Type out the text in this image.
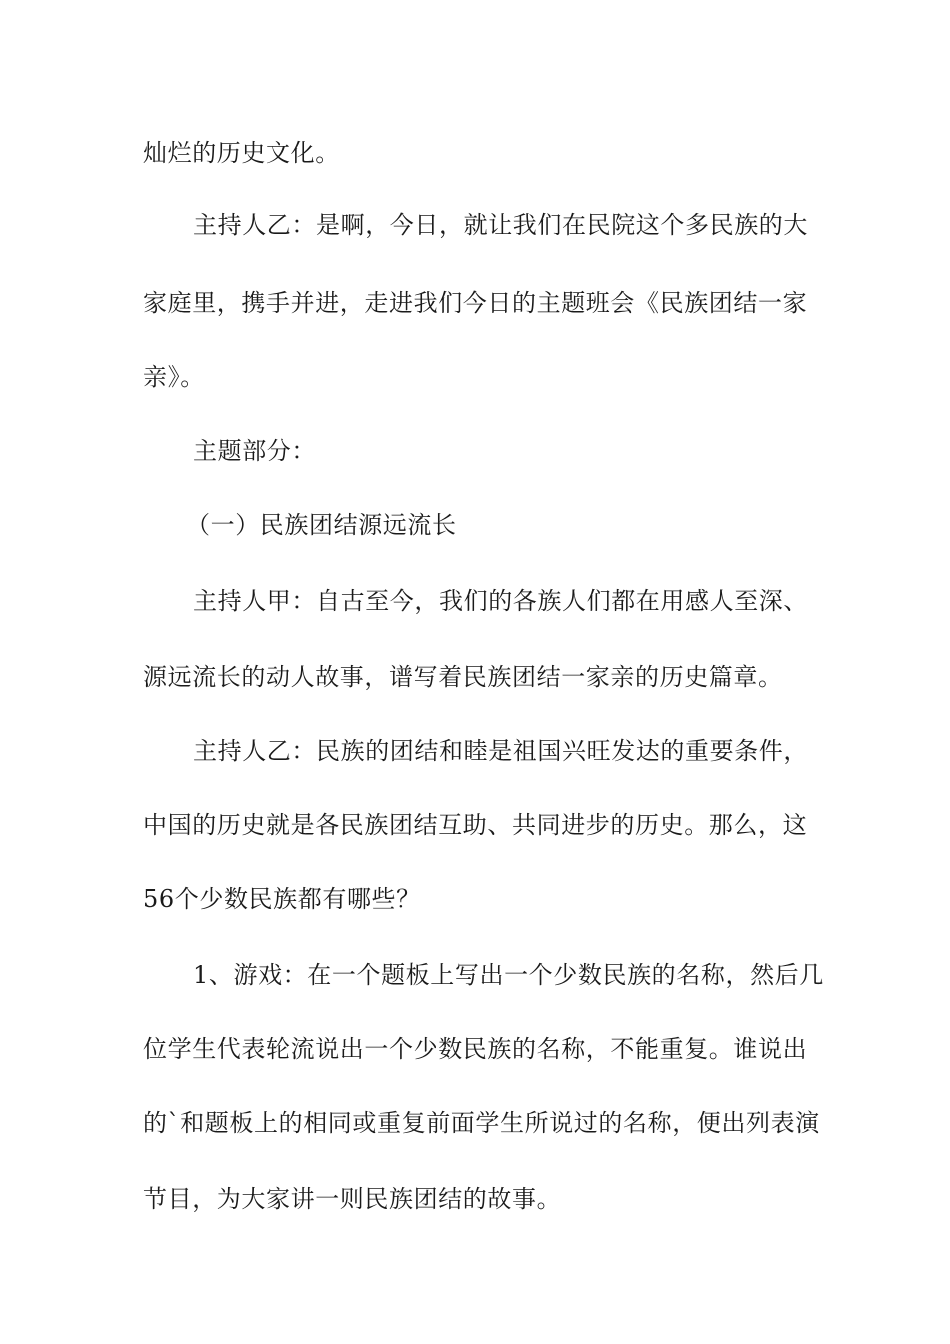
灿烂的历史文化。
主持人乙：是啊，今日，就让我们在民院这个多民族的大
家庭里，携手并进，走进我们今日的主题班会《民族团结一家
亲》。
主题部分：
（一）民族团结源远流长
主持人甲：自古至今，我们的各族人们都在用感人至深、
源远流长的动人故事，谱写着民族团结一家亲的历史篇章。
主持人乙：民族的团结和睦是祖国兴旺发达的重要条件，
中国的历史就是各民族团结互助、共同进步的历史。那么，这
56个少数民族都有哪些？
1、游戏：在一个题板上写出一个少数民族的名称，然后几
位学生代表轮流说出一个少数民族的名称，不能重复。谁说出
的`和题板上的相同或重复前面学生所说过的名称，便出列表演
节目，为大家讲一则民族团结的故事。
